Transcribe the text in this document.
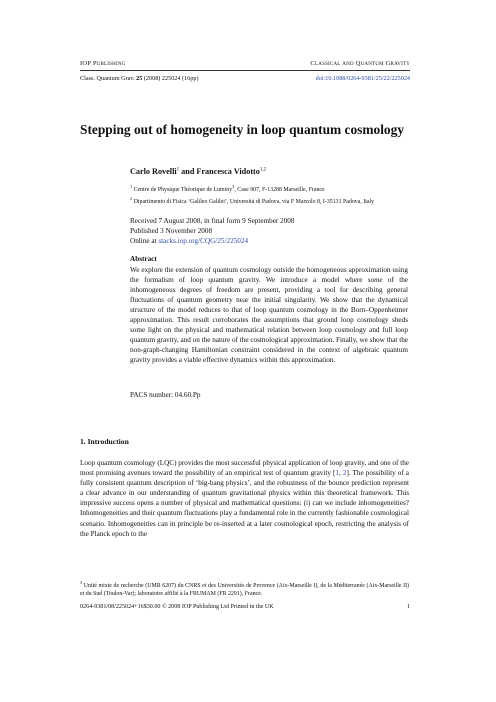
IOP Publishing	Classical and Quantum Gravity
Class. Quantum Grav. 25 (2008) 225024 (16pp)	doi:10.1088/0264-9381/25/22/225024
Stepping out of homogeneity in loop quantum cosmology
Carlo Rovelli$^1$ and Francesca Vidotto$^{1,2}$
$^1$ Centre de Physique Théorique de Luminy$^3$, Case 907, F-13288 Marseille, France
$^2$ Dipartimento di Fisica ‘Galileo Galilei’, Università di Padova, via F Marzolo 8, I-35131 Padova, Italy
Received 7 August 2008, in final form 9 September 2008
Published 3 November 2008
Online at stacks.iop.org/CQG/25/225024
Abstract
We explore the extension of quantum cosmology outside the homogeneous approximation using the formalism of loop quantum gravity. We introduce a model where some of the inhomogeneous degrees of freedom are present, providing a tool for describing general fluctuations of quantum geometry near the initial singularity. We show that the dynamical structure of the model reduces to that of loop quantum cosmology in the Born–Oppenheimer approximation. This result corroborates the assumptions that ground loop cosmology sheds some light on the physical and mathematical relation between loop cosmology and full loop quantum gravity, and on the nature of the cosmological approximation. Finally, we show that the non-graph-changing Hamiltonian constraint considered in the context of algebraic quantum gravity provides a viable effective dynamics within this approximation.
PACS number: 04.60.Pp
1. Introduction
Loop quantum cosmology (LQC) provides the most successful physical application of loop gravity, and one of the most promising avenues toward the possibility of an empirical test of quantum gravity [1, 2]. The possibility of a fully consistent quantum description of ‘big-bang physics’, and the robustness of the bounce prediction represent a clear advance in our understanding of quantum gravitational physics within this theoretical framework. This impressive success opens a number of physical and mathematical questions: (i) can we include inhomogeneities? Inhomogeneities and their quantum fluctuations play a fundamental role in the currently fashionable cosmological scenario. Inhomogeneities can in principle be re-inserted at a later cosmological epoch, restricting the analysis of the Planck epoch to the
$^3$ Unité mixte de recherche (UMR 6207) du CNRS et des Universités de Provence (Aix-Marseille I), de la Méditerranée (Aix-Marseille II) et du Sud (Toulon-Var); laboratoire affilié à la FRUMAM (FR 2291), France.
0264-9381/08/225024+16$30.00 © 2008 IOP Publishing Ltd Printed in the UK	1
